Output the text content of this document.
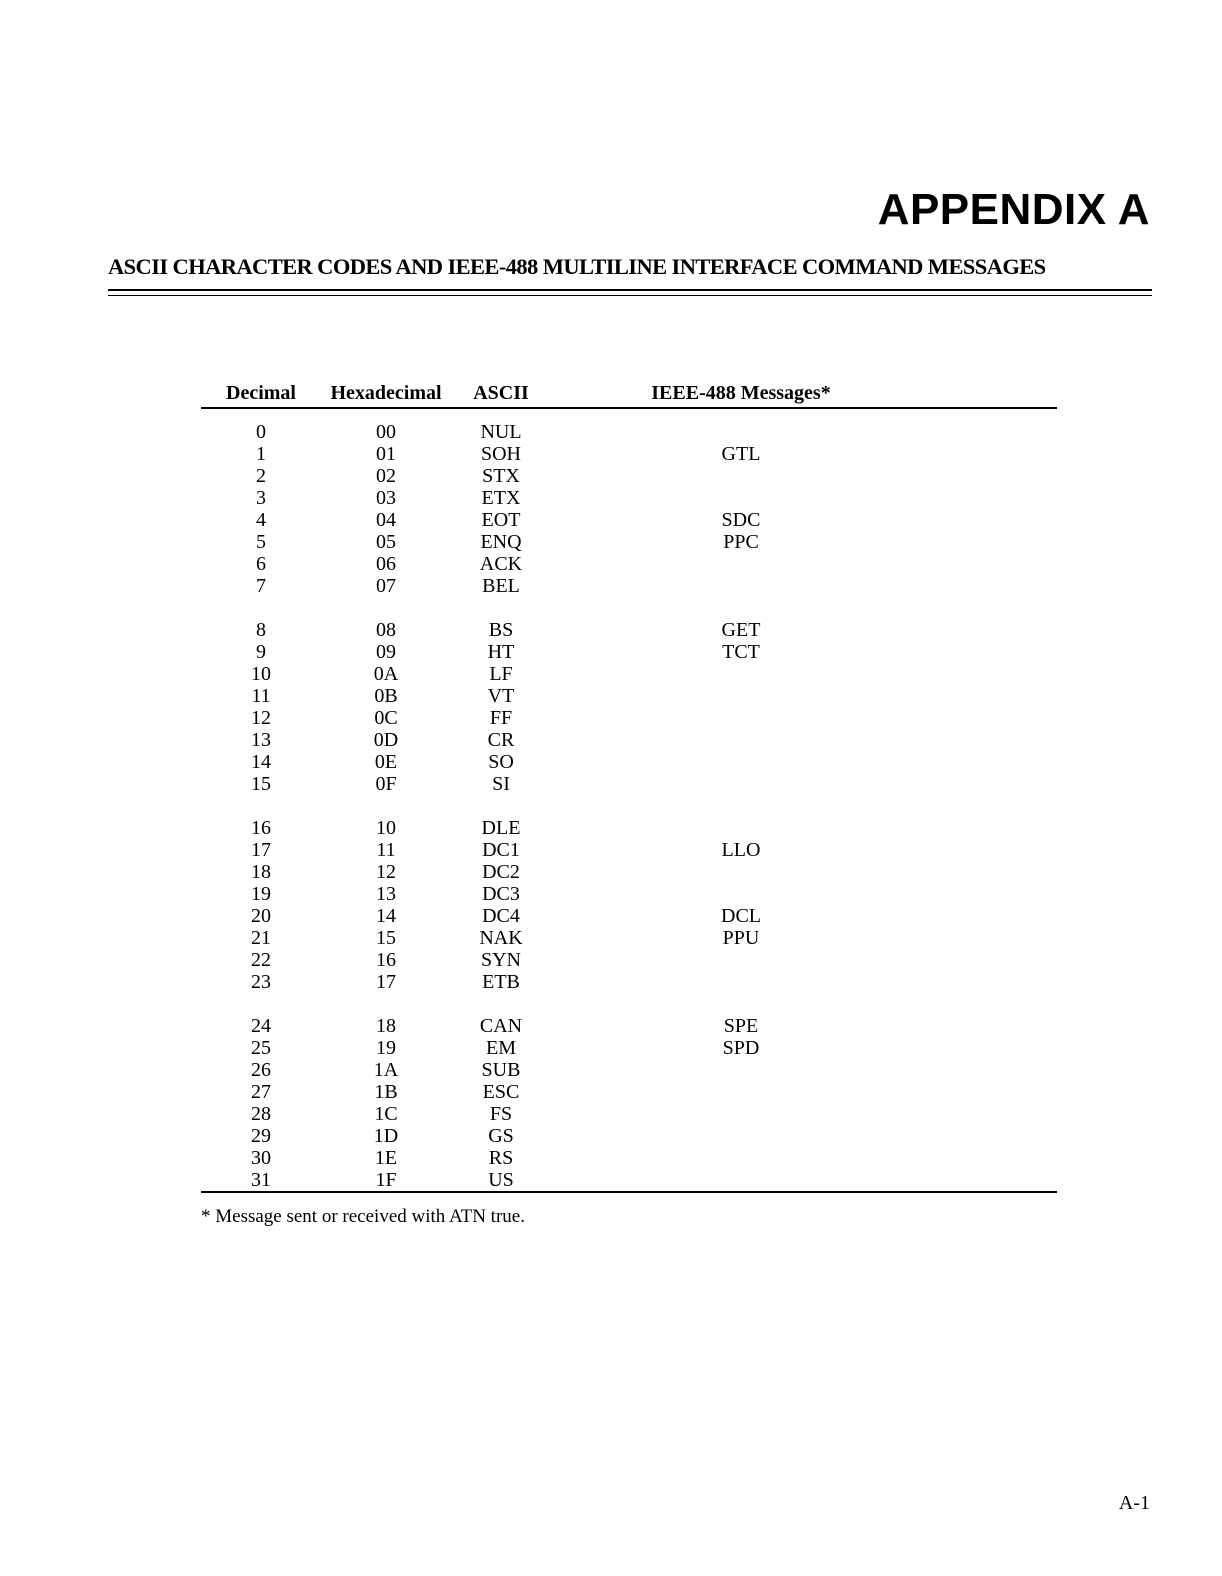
APPENDIX A
ASCII CHARACTER CODES AND IEEE-488 MULTILINE INTERFACE COMMAND MESSAGES
Decimal	Hexadecimal	ASCII	IEEE-488 Messages*	
0	00	NUL		
1	01	SOH	GTL	
2	02	STX		
3	03	ETX		
4	04	EOT	SDC	
5	05	ENQ	PPC	
6	06	ACK		
7	07	BEL		
8	08	BS	GET	
9	09	HT	TCT	
10	0A	LF		
11	0B	VT		
12	0C	FF		
13	0D	CR		
14	0E	SO		
15	0F	SI		
16	10	DLE		
17	11	DC1	LLO	
18	12	DC2		
19	13	DC3		
20	14	DC4	DCL	
21	15	NAK	PPU	
22	16	SYN		
23	17	ETB		
24	18	CAN	SPE	
25	19	EM	SPD	
26	1A	SUB		
27	1B	ESC		
28	1C	FS		
29	1D	GS		
30	1E	RS		
31	1F	US		

* Message sent or received with ATN true.

A-1
